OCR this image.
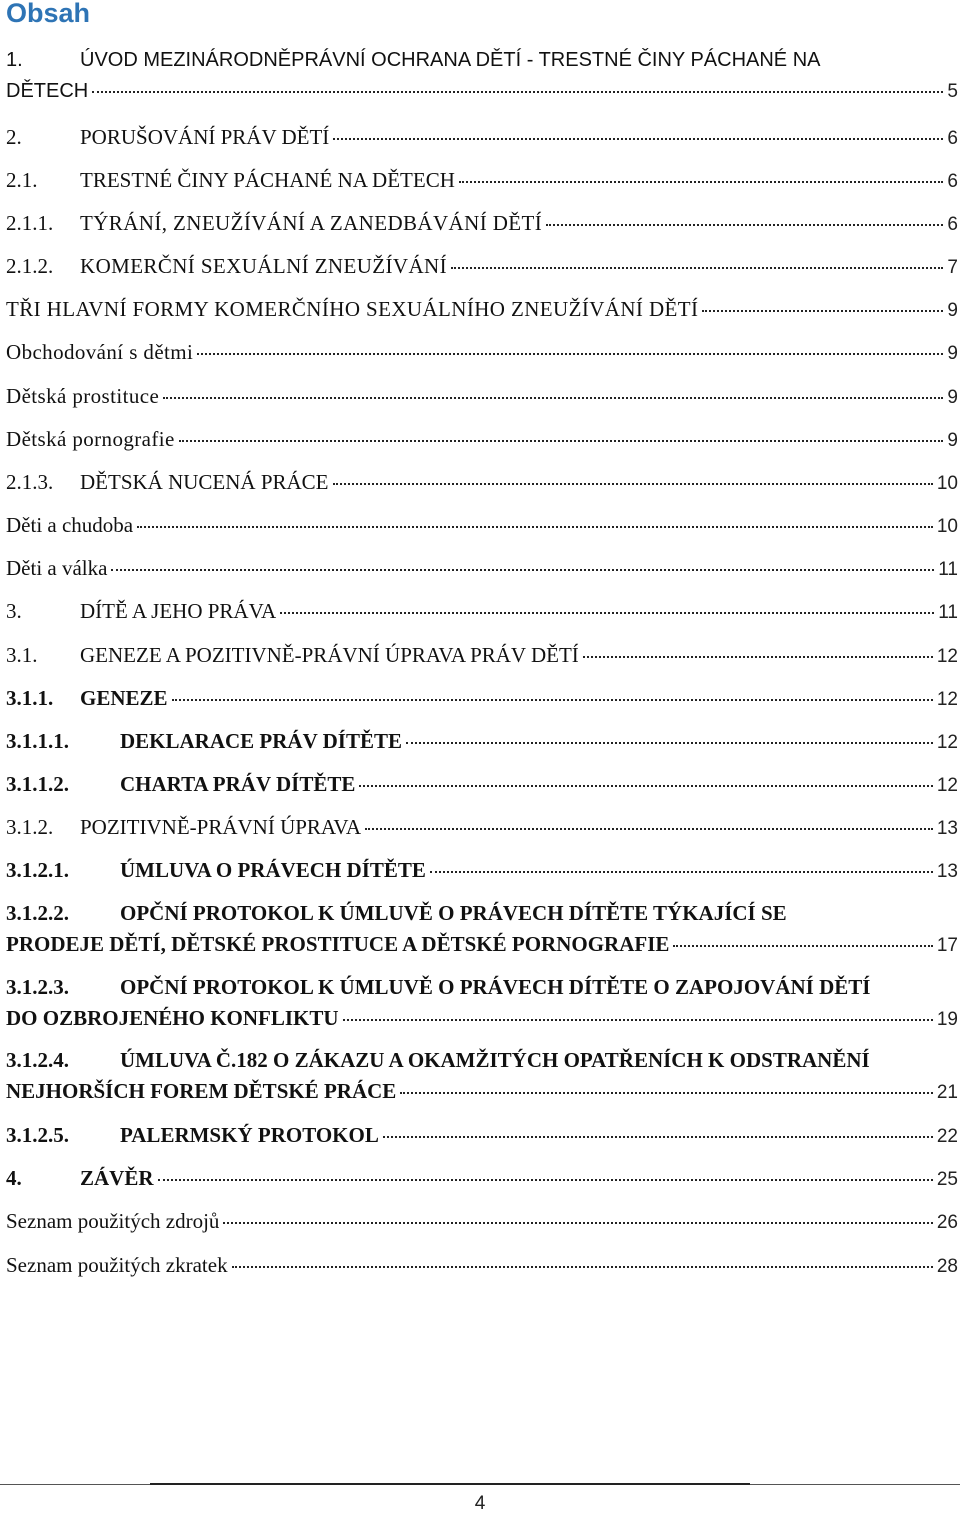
Obsah
1.	ÚVOD MEZINÁRODNĚPRÁVNÍ OCHRANA DĚTÍ - TRESTNÉ ČINY PÁCHANÉ NA
DĚTECH	5
2.	PORUŠOVÁNÍ PRÁV DĚTÍ	6
2.1.	TRESTNÉ ČINY PÁCHANÉ NA DĚTECH	6
2.1.1.	TÝRÁNÍ, ZNEUŽÍVÁNÍ A ZANEDBÁVÁNÍ DĚTÍ	6
2.1.2.	KOMERČNÍ SEXUÁLNÍ ZNEUŽÍVÁNÍ	7
TŘI HLAVNÍ FORMY KOMERČNÍHO SEXUÁLNÍHO ZNEUŽÍVÁNÍ DĚTÍ	9
Obchodování s dětmi	9
Dětská prostituce	9
Dětská pornografie	9
2.1.3.	DĚTSKÁ NUCENÁ PRÁCE	10
Děti a chudoba	10
Děti a válka	11
3.	DÍTĚ A JEHO PRÁVA	11
3.1.	GENEZE A POZITIVNĚ-PRÁVNÍ ÚPRAVA PRÁV DĚTÍ	12
3.1.1.	GENEZE	12
3.1.1.1.	DEKLARACE PRÁV DÍTĚTE	12
3.1.1.2.	CHARTA PRÁV DÍTĚTE	12
3.1.2.	POZITIVNĚ-PRÁVNÍ ÚPRAVA	13
3.1.2.1.	ÚMLUVA O PRÁVECH DÍTĚTE	13
3.1.2.2.	OPČNÍ PROTOKOL K ÚMLUVĚ O PRÁVECH DÍTĚTE TÝKAJÍCÍ SE
PRODEJE DĚTÍ, DĚTSKÉ PROSTITUCE A DĚTSKÉ PORNOGRAFIE	17
3.1.2.3.	OPČNÍ PROTOKOL K ÚMLUVĚ O PRÁVECH DÍTĚTE O ZAPOJOVÁNÍ DĚTÍ
DO OZBROJENÉHO KONFLIKTU	19
3.1.2.4.	ÚMLUVA Č.182 O ZÁKAZU A OKAMŽITÝCH OPATŘENÍCH K ODSTRANĚNÍ
NEJHORŠÍCH FOREM DĚTSKÉ PRÁCE	21
3.1.2.5.	PALERMSKÝ PROTOKOL	22
4.	ZÁVĚR	25
Seznam použitých zdrojů	26
Seznam použitých zkratek	28
4
